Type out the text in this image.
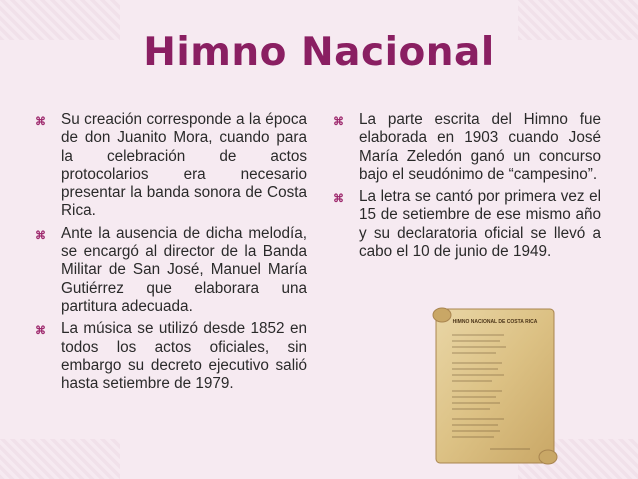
Himno Nacional
⌘ Su creación corresponde a la época de don Juanito Mora, cuando para la celebración de actos protocolarios era necesario presentar la banda sonora de Costa Rica.
⌘ Ante la ausencia de dicha melodía, se encargó al director de la Banda Militar de San José, Manuel María Gutiérrez que elaborara una partitura adecuada.
⌘ La música se utilizó desde 1852 en todos los actos oficiales, sin embargo su decreto ejecutivo salió hasta setiembre de 1979.
⌘ La parte escrita del Himno fue elaborada en 1903 cuando José María Zeledón ganó un concurso bajo el seudónimo de “campesino”.
⌘ La letra se cantó por primera vez el 15 de setiembre de ese mismo año y su declaratoria oficial se llevó a cabo el 10 de junio de 1949.
HIMNO NACIONAL DE COSTA RICA
